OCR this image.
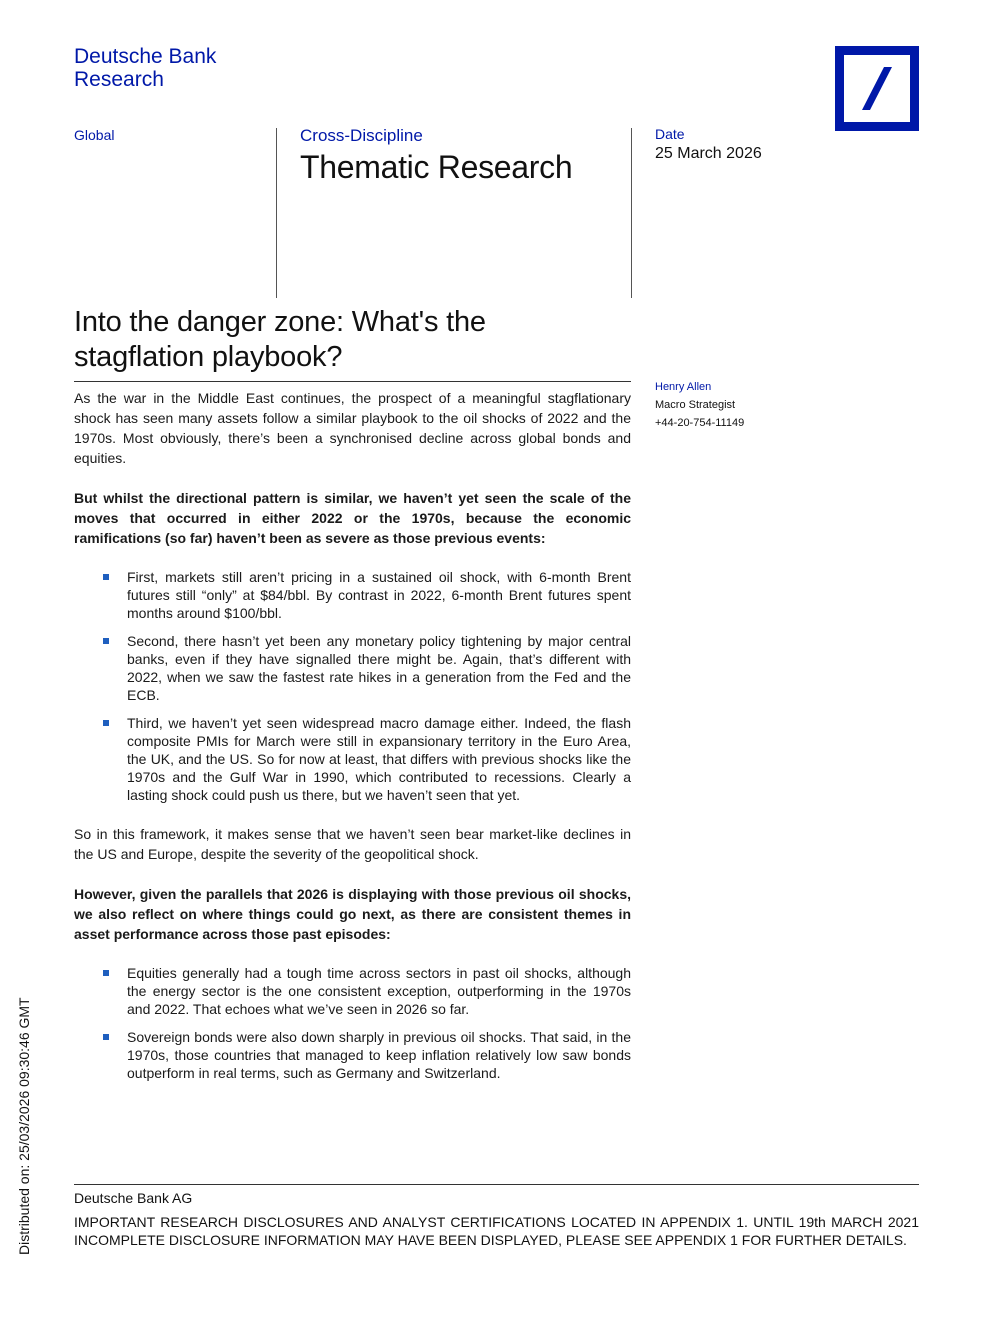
Deutsche Bank
Research
Global	Cross-Discipline
Thematic Research
Date
25 March 2026
Into the danger zone: What's the
stagflation playbook?
Henry Allen
Macro Strategist
+44-20-754-11149

As the war in the Middle East continues, the prospect of a meaningful stagflationary shock has seen many assets follow a similar playbook to the oil shocks of 2022 and the 1970s. Most obviously, there’s been a synchronised decline across global bonds and equities.

But whilst the directional pattern is similar, we haven’t yet seen the scale of the moves that occurred in either 2022 or the 1970s, because the economic ramifications (so far) haven’t been as severe as those previous events:

First, markets still aren’t pricing in a sustained oil shock, with 6-month Brent futures still “only” at $84/bbl. By contrast in 2022, 6-month Brent futures spent months around $100/bbl.
Second, there hasn’t yet been any monetary policy tightening by major central banks, even if they have signalled there might be. Again, that’s different with 2022, when we saw the fastest rate hikes in a generation from the Fed and the ECB.
Third, we haven’t yet seen widespread macro damage either. Indeed, the flash composite PMIs for March were still in expansionary territory in the Euro Area, the UK, and the US. So for now at least, that differs with previous shocks like the 1970s and the Gulf War in 1990, which contributed to recessions. Clearly a lasting shock could push us there, but we haven’t seen that yet.

So in this framework, it makes sense that we haven’t seen bear market-like declines in the US and Europe, despite the severity of the geopolitical shock.

However, given the parallels that 2026 is displaying with those previous oil shocks, we also reflect on where things could go next, as there are consistent themes in asset performance across those past episodes:

Equities generally had a tough time across sectors in past oil shocks, although the energy sector is the one consistent exception, outperforming in the 1970s and 2022. That echoes what we’ve seen in 2026 so far.
Sovereign bonds were also down sharply in previous oil shocks. That said, in the 1970s, those countries that managed to keep inflation relatively low saw bonds outperform in real terms, such as Germany and Switzerland.
Distributed on: 25/03/2026 09:30:46 GMT	Deutsche Bank AG
IMPORTANT RESEARCH DISCLOSURES AND ANALYST CERTIFICATIONS LOCATED IN APPENDIX 1. UNTIL 19th MARCH 2021 INCOMPLETE DISCLOSURE INFORMATION MAY HAVE BEEN DISPLAYED, PLEASE SEE APPENDIX 1 FOR FURTHER DETAILS.
